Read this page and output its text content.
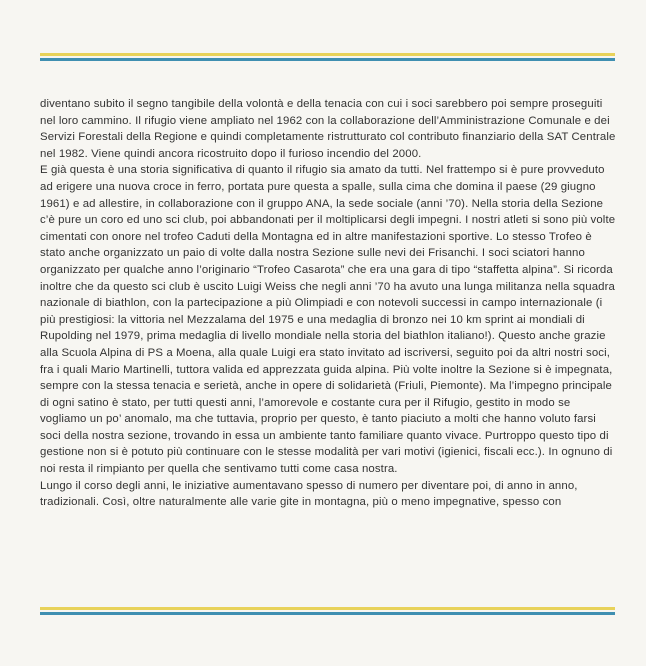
diventano subito il segno tangibile della volontà e della tenacia con cui i soci sarebbero poi sempre proseguiti nel loro cammino. Il rifugio viene ampliato nel 1962 con la collaborazione dell’Amministrazione Comunale e dei Servizi Forestali della Regione e quindi completamente ristrutturato col contributo finanziario della SAT Centrale nel 1982. Viene quindi ancora ricostruito dopo il furioso incendio del 2000.

E già questa è una storia significativa di quanto il rifugio sia amato da tutti. Nel frattempo si è pure provveduto ad erigere una nuova croce in ferro, portata pure questa a spalle, sulla cima che domina il paese (29 giugno 1961) e ad allestire, in collaborazione con il gruppo ANA, la sede sociale (anni ’70). Nella storia della Sezione c’è pure un coro ed uno sci club, poi abbandonati per il moltiplicarsi degli impegni. I nostri atleti si sono più volte cimentati con onore nel trofeo Caduti della Montagna ed in altre manifestazioni sportive. Lo stesso Trofeo è stato anche organizzato un paio di volte dalla nostra Sezione sulle nevi dei Frisanchi. I soci sciatori hanno organizzato per qualche anno l’originario “Trofeo Casarota” che era una gara di tipo “staffetta alpina”. Si ricorda inoltre che da questo sci club è uscito Luigi Weiss che negli anni ’70 ha avuto una lunga militanza nella squadra nazionale di biathlon, con la partecipazione a più Olimpiadi e con notevoli successi in campo internazionale (i più prestigiosi: la vittoria nel Mezzalama del 1975 e una medaglia di bronzo nei 10 km sprint ai mondiali di Rupolding nel 1979, prima medaglia di livello mondiale nella storia del biathlon italiano!). Questo anche grazie alla Scuola Alpina di PS a Moena, alla quale Luigi era stato invitato ad iscriversi, seguito poi da altri nostri soci, fra i quali Mario Martinelli, tuttora valida ed apprezzata guida alpina. Più volte inoltre la Sezione si è impegnata, sempre con la stessa tenacia e serietà, anche in opere di solidarietà (Friuli, Piemonte). Ma l’impegno principale di ogni satino è stato, per tutti questi anni, l’amorevole e costante cura per il Rifugio, gestito in modo se vogliamo un po’ anomalo, ma che tuttavia, proprio per questo, è tanto piaciuto a molti che hanno voluto farsi soci della nostra sezione, trovando in essa un ambiente tanto familiare quanto vivace. Purtroppo questo tipo di gestione non si è potuto più continuare con le stesse modalità per vari motivi (igienici, fiscali ecc.). In ognuno di noi resta il rimpianto per quella che sentivamo tutti come casa nostra.

Lungo il corso degli anni, le iniziative aumentavano spesso di numero per diventare poi, di anno in anno, tradizionali. Così, oltre naturalmente alle varie gite in montagna, più o meno impegnative, spesso con
